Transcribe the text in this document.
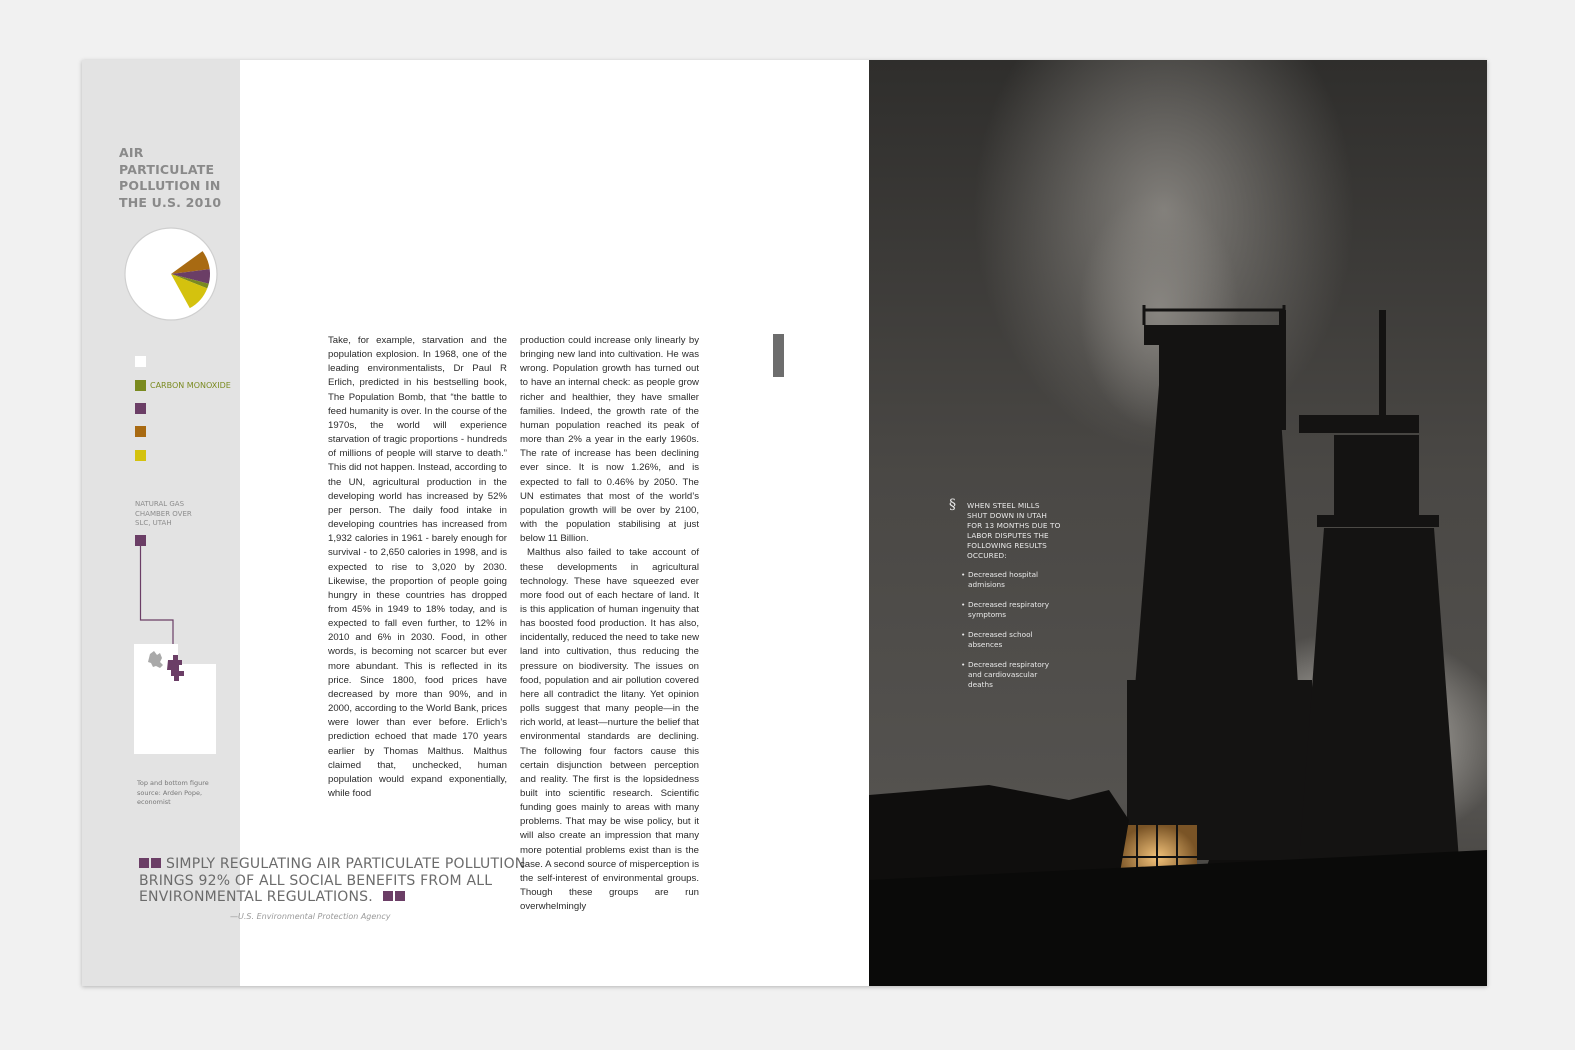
AIR
PARTICULATE
POLLUTION IN
THE U.S. 2010
CARBON MONOXIDE
NATURAL GAS
CHAMBER OVER
SLC, UTAH
Top and bottom figure
source: Arden Pope,
economist
SIMPLY REGULATING AIR PARTICULATE POLLUTION BRINGS 92% OF ALL SOCIAL BENEFITS FROM ALL ENVIRONMENTAL REGULATIONS.
—U.S. Environmental Protection Agency

Take, for example, starvation and the population explosion. In 1968, one of the leading environmentalists, Dr Paul R Erlich, predicted in his bestselling book, The Population Bomb, that “the battle to feed humanity is over. In the course of the 1970s, the world will experience starvation of tragic proportions - hundreds of millions of people will starve to death.” This did not happen. Instead, according to the UN, agricultural production in the developing world has increased by 52% per person. The daily food intake in developing countries has increased from 1,932 calories in 1961 - barely enough for survival - to 2,650 calories in 1998, and is expected to rise to 3,020 by 2030. Likewise, the proportion of people going hungry in these countries has dropped from 45% in 1949 to 18% today, and is expected to fall even further, to 12% in 2010 and 6% in 2030. Food, in other words, is becoming not scarcer but ever more abundant. This is reflected in its price. Since 1800, food prices have decreased by more than 90%, and in 2000, according to the World Bank, prices were lower than ever before. Erlich’s prediction echoed that made 170 years earlier by Thomas Malthus. Malthus claimed that, unchecked, human population would expand exponentially, while food

production could increase only linearly by bringing new land into cultivation. He was wrong. Population growth has turned out to have an internal check: as people grow richer and healthier, they have smaller families. Indeed, the growth rate of the human population reached its peak of more than 2% a year in the early 1960s. The rate of increase has been declining ever since. It is now 1.26%, and is expected to fall to 0.46% by 2050. The UN estimates that most of the world’s population growth will be over by 2100, with the population stabilising at just below 11 Billion.

Malthus also failed to take account of these developments in agricultural technology. These have squeezed ever more food out of each hectare of land. It is this application of human ingenuity that has boosted food production. It has also, incidentally, reduced the need to take new land into cultivation, thus reducing the pressure on biodiversity. The issues on food, population and air pollution covered here all contradict the litany. Yet opinion polls suggest that many people—in the rich world, at least—nurture the belief that environmental standards are declining. The following four factors cause this certain disjunction between perception and reality. The first is the lopsidedness built into scientific research. Scientific funding goes mainly to areas with many problems. That may be wise policy, but it will also create an impression that many more potential problems exist than is the case. A second source of misperception is the self-interest of environmental groups. Though these groups are run overwhelmingly

§ WHEN STEEL MILLS SHUT DOWN IN UTAH FOR 13 MONTHS DUE TO LABOR DISPUTES THE FOLLOWING RESULTS OCCURED:
• Decreased hospital admisions
• Decreased respiratory symptoms
• Decreased school absences
• Decreased respiratory and cardiovascular deaths
